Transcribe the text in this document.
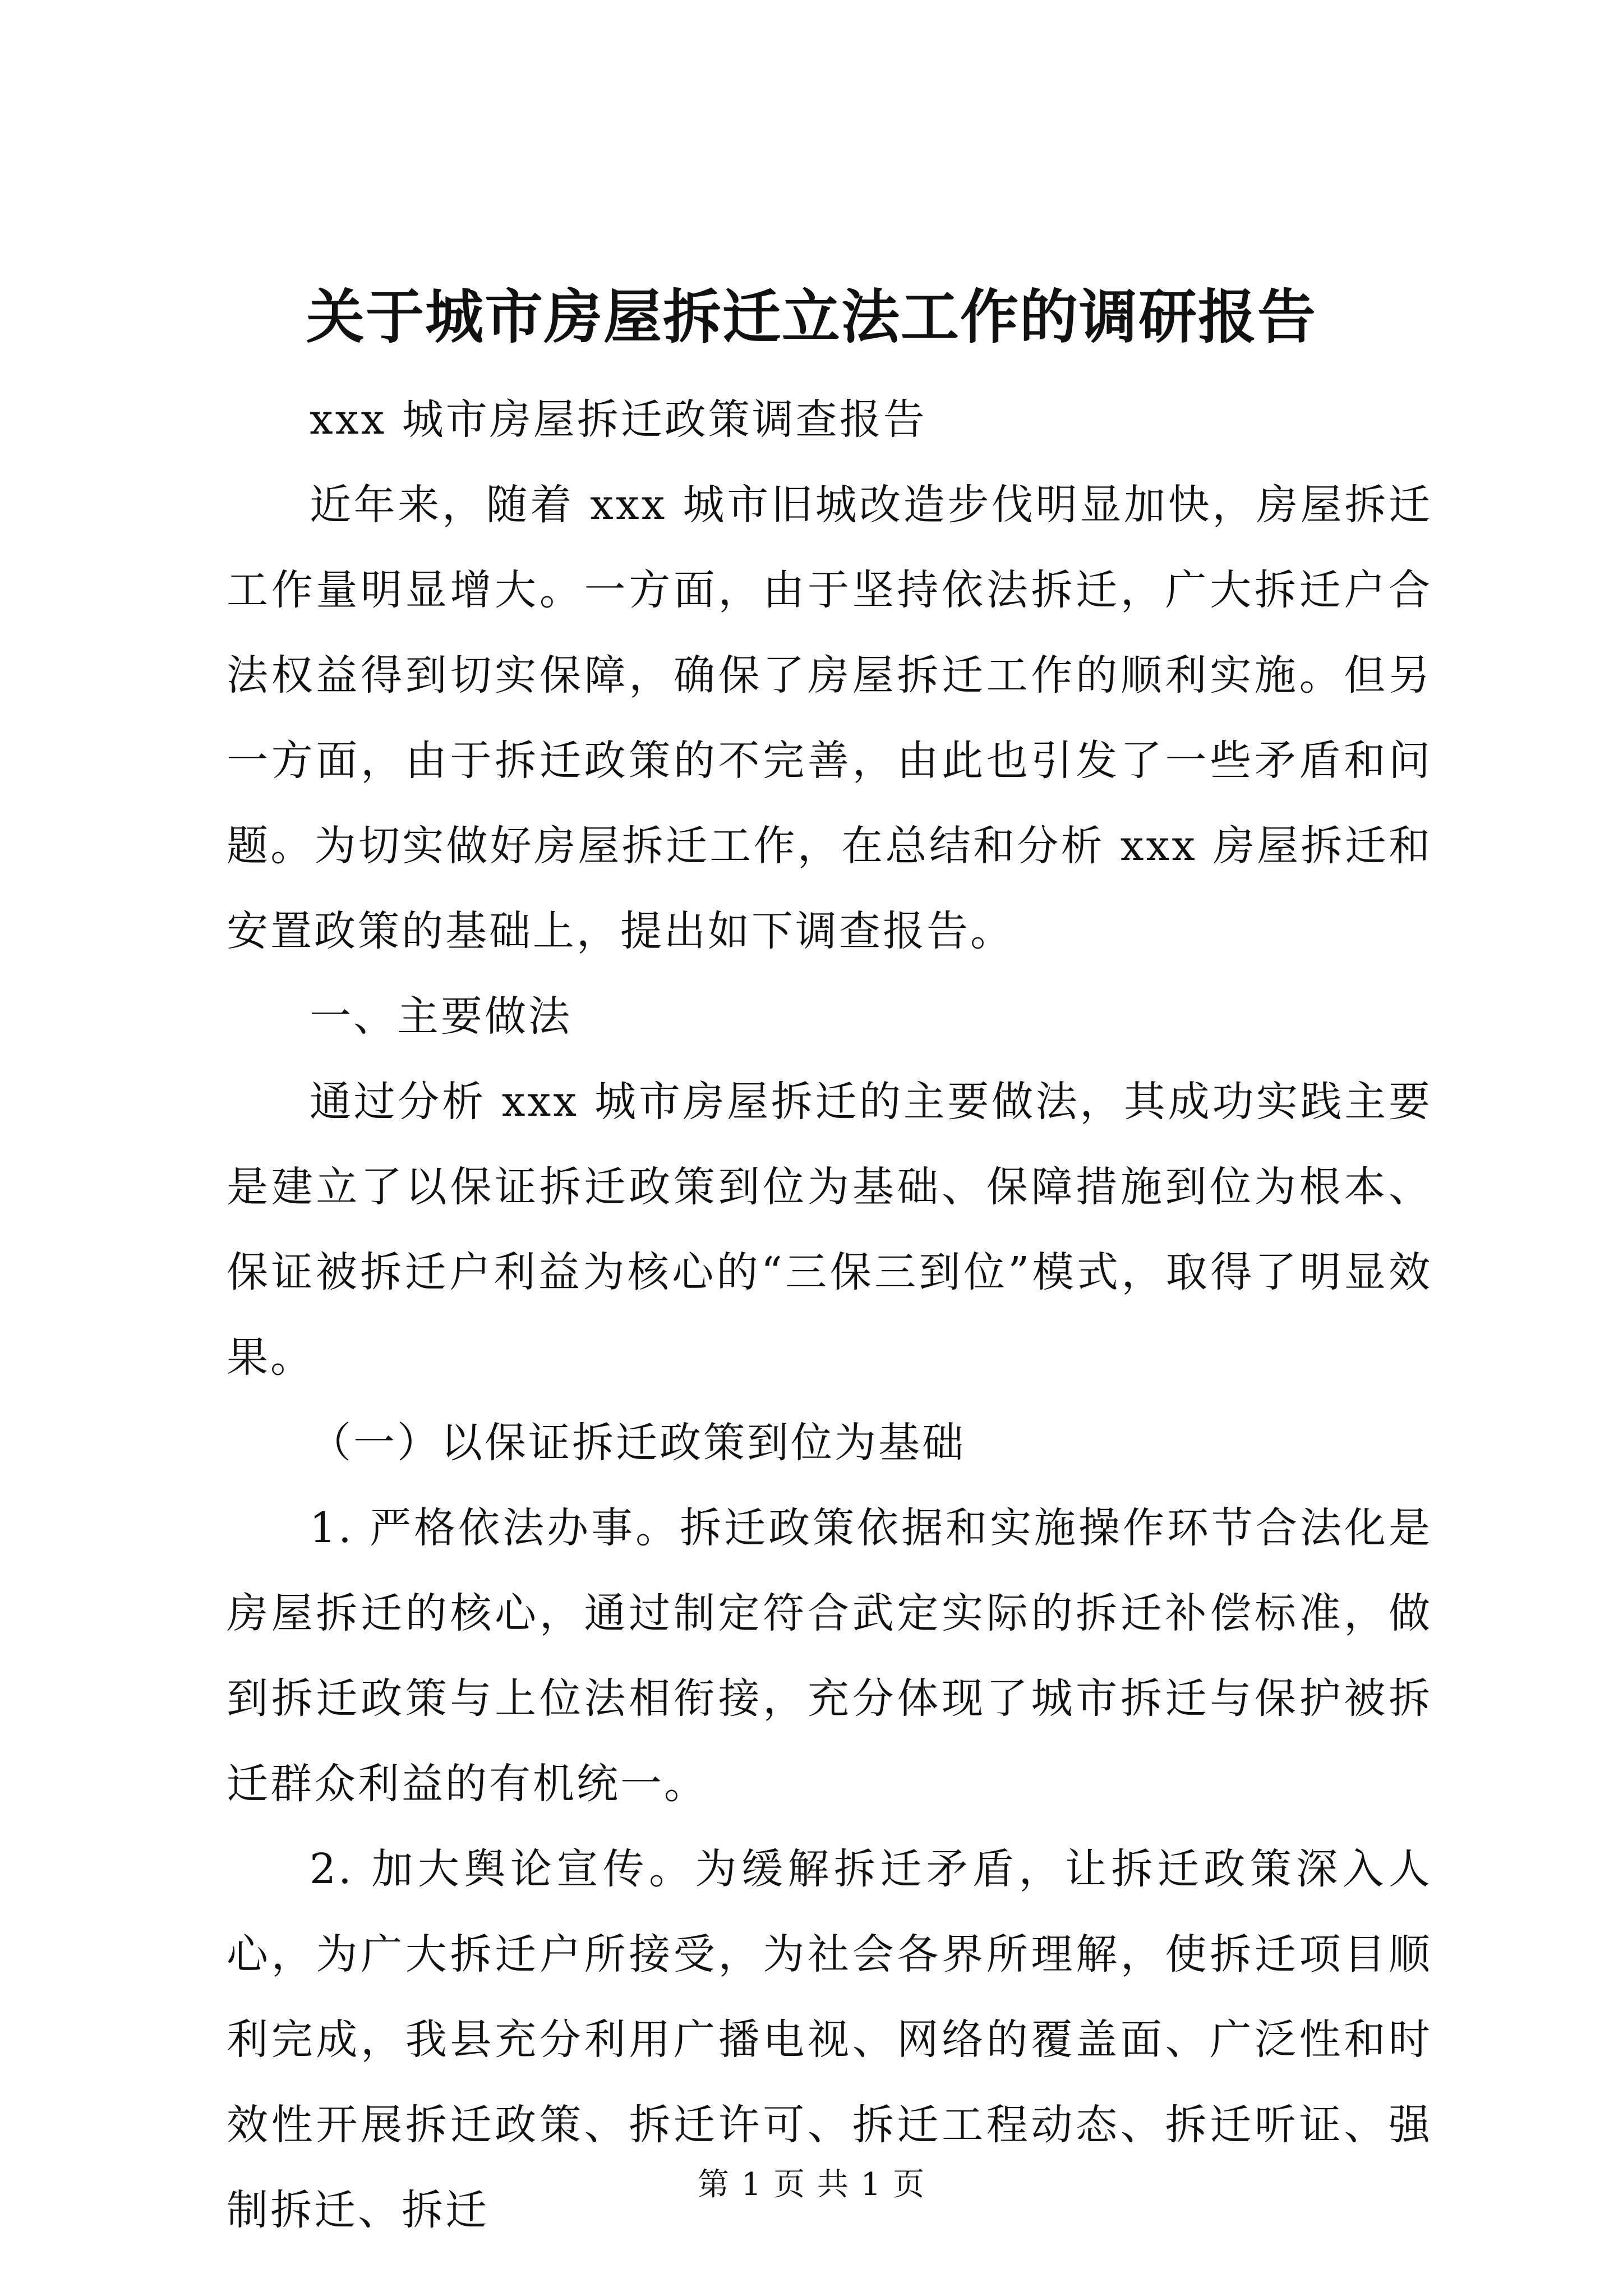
关于城市房屋拆迁立法工作的调研报告

xxx 城市房屋拆迁政策调查报告

近年来，随着 xxx 城市旧城改造步伐明显加快，房屋拆迁工作量明显增大。一方面，由于坚持依法拆迁，广大拆迁户合法权益得到切实保障，确保了房屋拆迁工作的顺利实施。但另一方面，由于拆迁政策的不完善，由此也引发了一些矛盾和问题。为切实做好房屋拆迁工作，在总结和分析 xxx 房屋拆迁和安置政策的基础上，提出如下调查报告。

一、主要做法

通过分析 xxx 城市房屋拆迁的主要做法，其成功实践主要是建立了以保证拆迁政策到位为基础、保障措施到位为根本、保证被拆迁户利益为核心的“三保三到位”模式，取得了明显效果。

（一）以保证拆迁政策到位为基础

1. 严格依法办事。拆迁政策依据和实施操作环节合法化是房屋拆迁的核心，通过制定符合武定实际的拆迁补偿标准，做到拆迁政策与上位法相衔接，充分体现了城市拆迁与保护被拆迁群众利益的有机统一。

2. 加大舆论宣传。为缓解拆迁矛盾，让拆迁政策深入人心，为广大拆迁户所接受，为社会各界所理解，使拆迁项目顺利完成，我县充分利用广播电视、网络的覆盖面、广泛性和时效性开展拆迁政策、拆迁许可、拆迁工程动态、拆迁听证、强制拆迁、拆迁

第 1 页 共 1 页
